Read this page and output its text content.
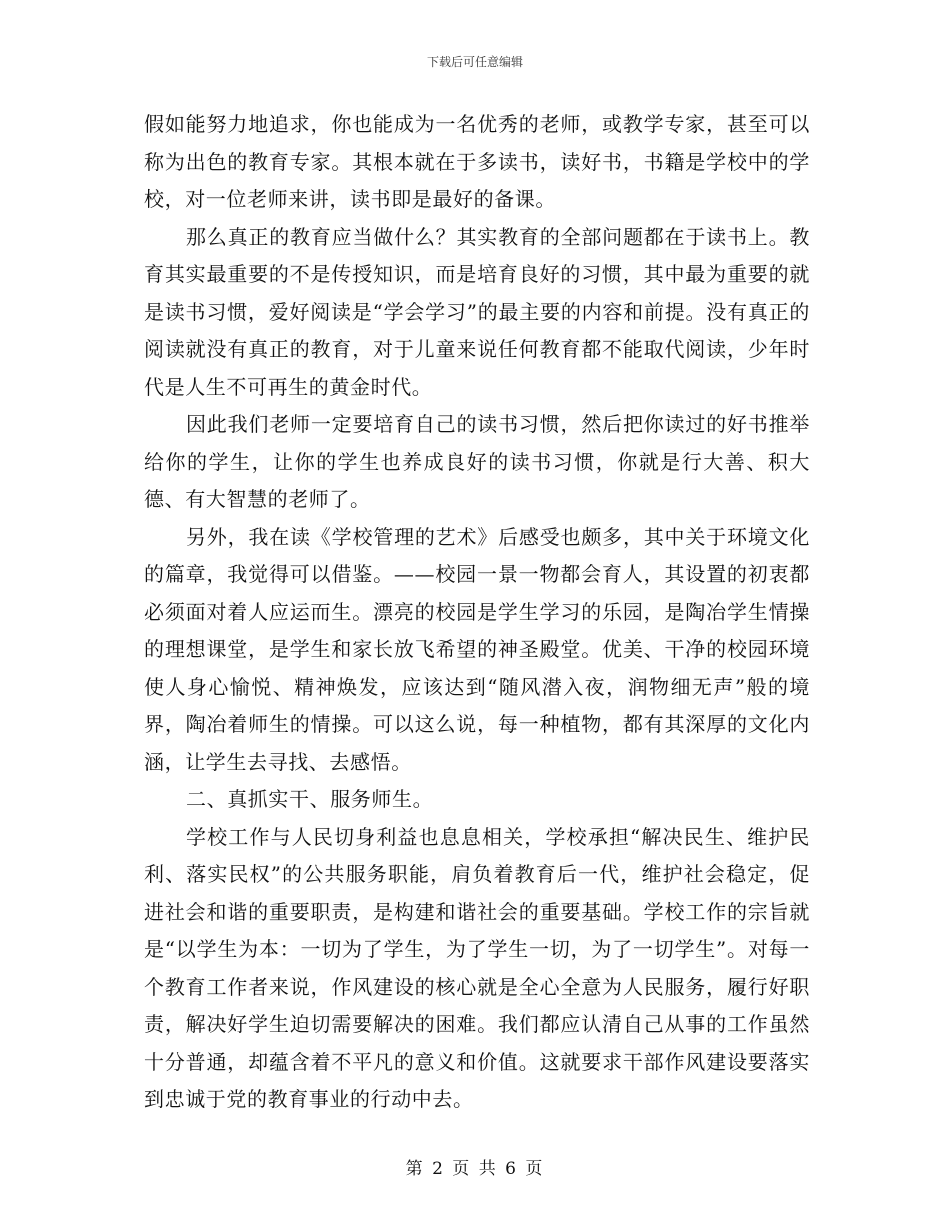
下载后可任意编辑

假如能努力地追求，你也能成为一名优秀的老师，或教学专家，甚至可以称为出色的教育专家。其根本就在于多读书，读好书，书籍是学校中的学校，对一位老师来讲，读书即是最好的备课。

那么真正的教育应当做什么？其实教育的全部问题都在于读书上。教育其实最重要的不是传授知识，而是培育良好的习惯，其中最为重要的就是读书习惯，爱好阅读是“学会学习”的最主要的内容和前提。没有真正的阅读就没有真正的教育，对于儿童来说任何教育都不能取代阅读，少年时代是人生不可再生的黄金时代。

因此我们老师一定要培育自己的读书习惯，然后把你读过的好书推举给你的学生，让你的学生也养成良好的读书习惯，你就是行大善、积大德、有大智慧的老师了。

另外，我在读《学校管理的艺术》后感受也颇多，其中关于环境文化的篇章，我觉得可以借鉴。——校园一景一物都会育人，其设置的初衷都必须面对着人应运而生。漂亮的校园是学生学习的乐园，是陶冶学生情操的理想课堂，是学生和家长放飞希望的神圣殿堂。优美、干净的校园环境使人身心愉悦、精神焕发，应该达到“随风潜入夜，润物细无声”般的境界，陶冶着师生的情操。可以这么说，每一种植物，都有其深厚的文化内涵，让学生去寻找、去感悟。

二、真抓实干、服务师生。

学校工作与人民切身利益也息息相关，学校承担“解决民生、维护民利、落实民权”的公共服务职能，肩负着教育后一代，维护社会稳定，促进社会和谐的重要职责，是构建和谐社会的重要基础。学校工作的宗旨就是“以学生为本：一切为了学生，为了学生一切，为了一切学生”。对每一个教育工作者来说，作风建设的核心就是全心全意为人民服务，履行好职责，解决好学生迫切需要解决的困难。我们都应认清自己从事的工作虽然十分普通，却蕴含着不平凡的意义和价值。这就要求干部作风建设要落实到忠诚于党的教育事业的行动中去。

第 2 页 共 6 页
